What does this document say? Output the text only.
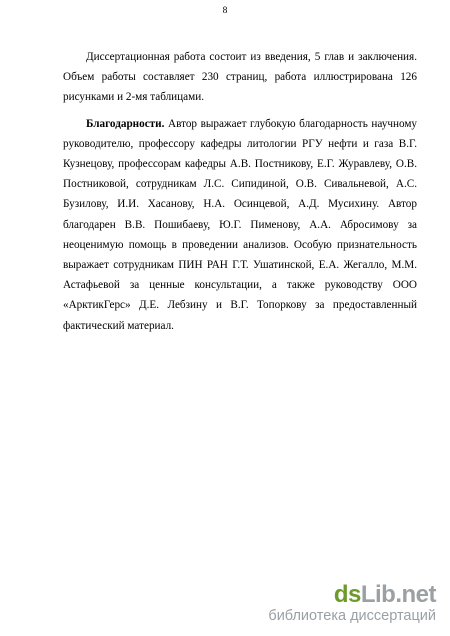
8
Диссертационная работа состоит из введения, 5 глав и заключения.
Объем работы составляет 230 страниц, работа иллюстрирована 126
рисунками и 2-мя таблицами.
Благодарности. Автор выражает глубокую благодарность научному
руководителю, профессору кафедры литологии РГУ нефти и газа В.Г.
Кузнецову, профессорам кафедры А.В. Постникову, Е.Г. Журавлеву, О.В.
Постниковой, сотрудникам Л.С. Сипидиной, О.В. Сивальневой, А.С.
Бузилову, И.И. Хасанову, Н.А. Осинцевой, А.Д. Мусихину. Автор
благодарен В.В. Пошибаеву, Ю.Г. Пименову, А.А. Абросимову за
неоценимую помощь в проведении анализов. Особую признательность
выражает сотрудникам ПИН РАН Г.Т. Ушатинской, Е.А. Жегалло, М.М.
Астафьевой за ценные консультации, а также руководству ООО
«АрктикГерс» Д.Е. Лебзину и В.Г. Топоркову за предоставленный
фактический материал.
dsLib.net
библиотека диссертаций
